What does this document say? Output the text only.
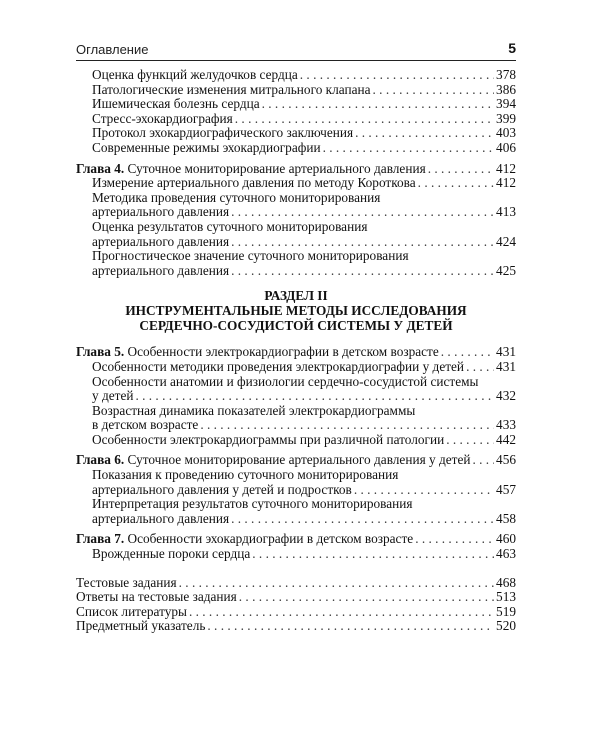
Оглавление	5
Оценка функций желудочков сердца . . .	378
Патологические изменения митрального клапана . . .	386
Ишемическая болезнь сердца . . .	394
Стресс-эхокардиография . . .	399
Протокол эхокардиографического заключения . . .	403
Современные режимы эхокардиографии . . .	406
Глава 4. Суточное мониторирование артериального давления . . .	412
Измерение артериального давления по методу Короткова . . .	412
Методика проведения суточного мониторирования
артериального давления . . .	413
Оценка результатов суточного мониторирования
артериального давления . . .	424
Прогностическое значение суточного мониторирования
артериального давления . . .	425
РАЗДЕЛ II
ИНСТРУМЕНТАЛЬНЫЕ МЕТОДЫ ИССЛЕДОВАНИЯ
СЕРДЕЧНО-СОСУДИСТОЙ СИСТЕМЫ У ДЕТЕЙ
Глава 5. Особенности электрокардиографии в детском возрасте . . .	431
Особенности методики проведения электрокардиографии у детей . . . 431
Особенности анатомии и физиологии сердечно-сосудистой системы
у детей . . .	432
Возрастная динамика показателей электрокардиограммы
в детском возрасте . . .	433
Особенности электрокардиограммы при различной патологии . . .	442
Глава 6. Суточное мониторирование артериального давления у детей . . . 456
Показания к проведению суточного мониторирования
артериального давления у детей и подростков . . .	457
Интерпретация результатов суточного мониторирования
артериального давления . . .	458
Глава 7. Особенности эхокардиографии в детском возрасте . . .	460
Врожденные пороки сердца . . .	463
Тестовые задания . . .	468
Ответы на тестовые задания . . .	513
Список литературы . . .	519
Предметный указатель . . .	520
